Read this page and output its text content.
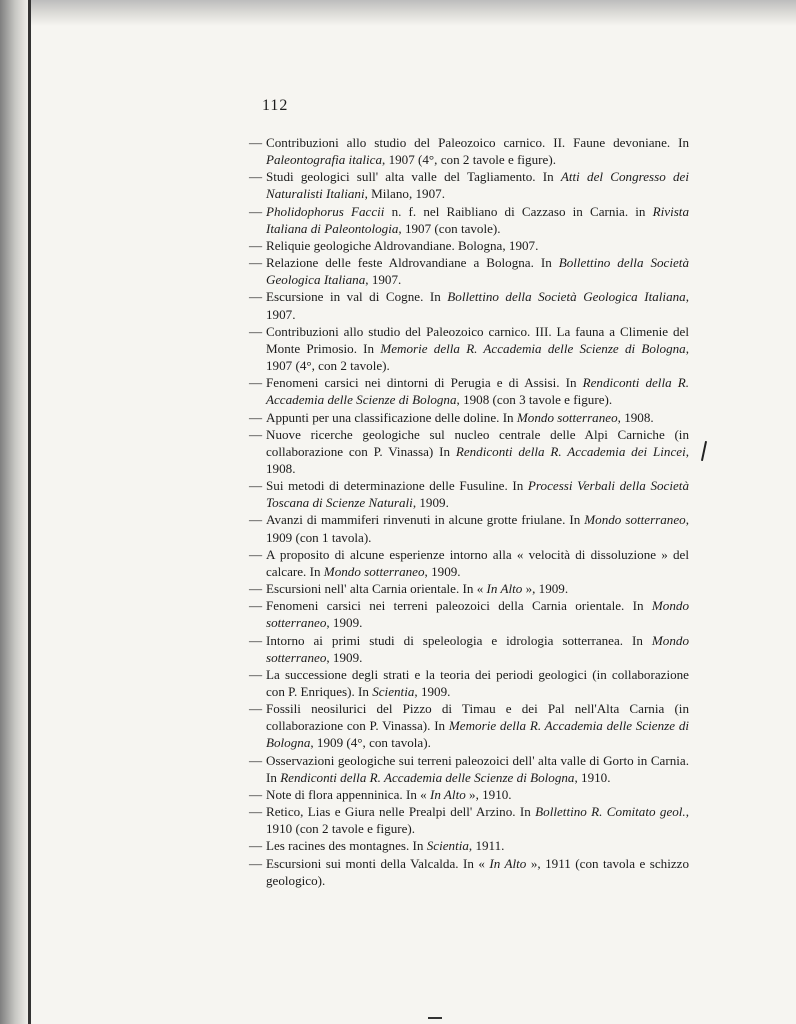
112
— Contribuzioni allo studio del Paleozoico carnico. II. Faune devoniane. In Paleontografia italica, 1907 (4°, con 2 tavole e figure).
— Studi geologici sull' alta valle del Tagliamento. In Atti del Congresso dei Naturalisti Italiani, Milano, 1907.
— Pholidophorus Faccii n. f. nel Raibliano di Cazzaso in Carnia. in Rivista Italiana di Paleontologia, 1907 (con tavole).
— Reliquie geologiche Aldrovandiane. Bologna, 1907.
— Relazione delle feste Aldrovandiane a Bologna. In Bollettino della Società Geologica Italiana, 1907.
— Escursione in val di Cogne. In Bollettino della Società Geologica Italiana, 1907.
— Contribuzioni allo studio del Paleozoico carnico. III. La fauna a Climenie del Monte Primosio. In Memorie della R. Accademia delle Scienze di Bologna, 1907 (4°, con 2 tavole).
— Fenomeni carsici nei dintorni di Perugia e di Assisi. In Rendiconti della R. Accademia delle Scienze di Bologna, 1908 (con 3 tavole e figure).
— Appunti per una classificazione delle doline. In Mondo sotterraneo, 1908.
— Nuove ricerche geologiche sul nucleo centrale delle Alpi Carniche (in collaborazione con P. Vinassa) In Rendiconti della R. Accademia dei Lincei, 1908.
— Sui metodi di determinazione delle Fusuline. In Processi Verbali della Società Toscana di Scienze Naturali, 1909.
— Avanzi di mammiferi rinvenuti in alcune grotte friulane. In Mondo sotterraneo, 1909 (con 1 tavola).
— A proposito di alcune esperienze intorno alla « velocità di dissoluzione » del calcare. In Mondo sotterraneo, 1909.
— Escursioni nell' alta Carnia orientale. In « In Alto », 1909.
— Fenomeni carsici nei terreni paleozoici della Carnia orientale. In Mondo sotterraneo, 1909.
— Intorno ai primi studi di speleologia e idrologia sotterranea. In Mondo sotterraneo, 1909.
— La successione degli strati e la teoria dei periodi geologici (in collaborazione con P. Enriques). In Scientia, 1909.
— Fossili neosilurici del Pizzo di Timau e dei Pal nell'Alta Carnia (in collaborazione con P. Vinassa). In Memorie della R. Accademia delle Scienze di Bologna, 1909 (4°, con tavola).
— Osservazioni geologiche sui terreni paleozoici dell' alta valle di Gorto in Carnia. In Rendiconti della R. Accademia delle Scienze di Bologna, 1910.
— Note di flora appenninica. In « In Alto », 1910.
— Retico, Lias e Giura nelle Prealpi dell' Arzino. In Bollettino R. Comitato geol., 1910 (con 2 tavole e figure).
— Les racines des montagnes. In Scientia, 1911.
— Escursioni sui monti della Valcalda. In « In Alto », 1911 (con tavola e schizzo geologico).
